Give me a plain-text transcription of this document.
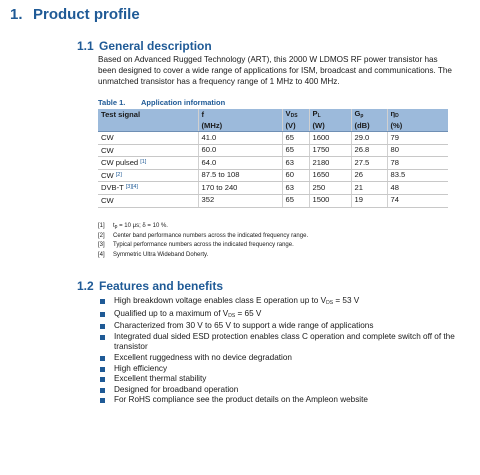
1. Product profile
1.1 General description
Based on Advanced Rugged Technology (ART), this 2000 W LDMOS RF power transistor has been designed to cover a wide range of applications for ISM, broadcast and communications. The unmatched transistor has a frequency range of 1 MHz to 400 MHz.
Table 1. Application information
Test signal	f	$V_{DS}$	$P_L$	$G_p$	$\eta_D$
	(MHz)	(V)	(W)	(dB)	(%)
CW	41.0	65	1600	29.0	79
CW	60.0	65	1750	26.8	80
CW pulsed [1]	64.0	63	2180	27.5	78
CW [2]	87.5 to 108	60	1650	26	83.5
DVB-T [3][4]	170 to 240	63	250	21	48
CW	352	65	1500	19	74
[1]	$t_p = 10$ μs; δ = 10 %.
[2]	Center band performance numbers across the indicated frequency range.
[3]	Typical performance numbers across the indicated frequency range.
[4]	Symmetric Ultra Wideband Doherty.
1.2 Features and benefits
High breakdown voltage enables class E operation up to $V_{DS} = 53$ V
Qualified up to a maximum of $V_{DS} = 65$ V
Characterized from 30 V to 65 V to support a wide range of applications
Integrated dual sided ESD protection enables class C operation and complete switch off of the transistor
Excellent ruggedness with no device degradation
High efficiency
Excellent thermal stability
Designed for broadband operation
For RoHS compliance see the product details on the Ampleon website
